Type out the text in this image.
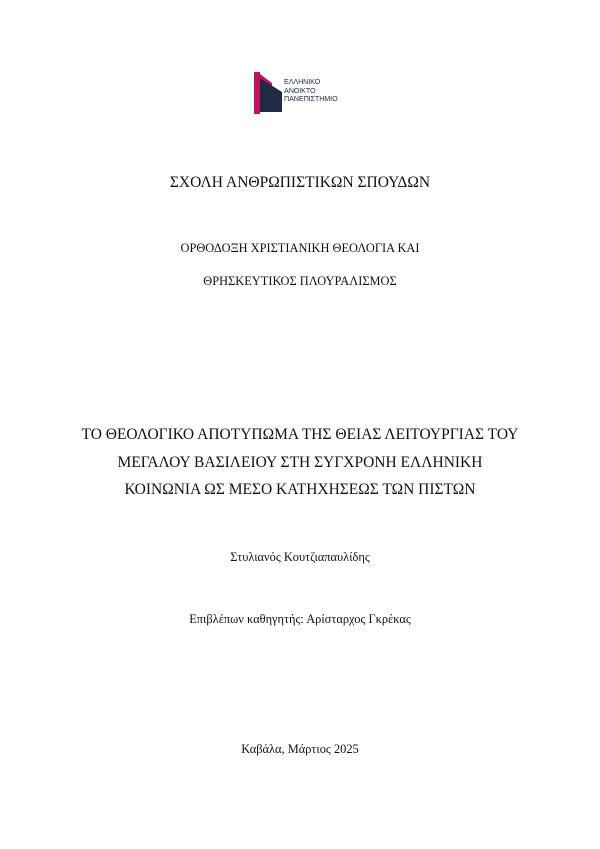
ΕΛΛΗΝΙΚΟ
ΑΝΟΙΚΤΟ
ΠΑΝΕΠΙΣΤΗΜΙΟ
ΣΧΟΛΗ ΑΝΘΡΩΠΙΣΤΙΚΩΝ ΣΠΟΥΔΩΝ
ΟΡΘΟΔΟΞΗ ΧΡΙΣΤΙΑΝΙΚΗ ΘΕΟΛΟΓΙΑ ΚΑΙ
ΘΡΗΣΚΕΥΤΙΚΟΣ ΠΛΟΥΡΑΛΙΣΜΟΣ
ΤΟ ΘΕΟΛΟΓΙΚΟ ΑΠΟΤΥΠΩΜΑ ΤΗΣ ΘΕΙΑΣ ΛΕΙΤΟΥΡΓΙΑΣ ΤΟΥ
ΜΕΓΑΛΟΥ ΒΑΣΙΛΕΙΟΥ ΣΤΗ ΣΥΓΧΡΟΝΗ ΕΛΛΗΝΙΚΗ
ΚΟΙΝΩΝΙΑ ΩΣ ΜΕΣΟ ΚΑΤΗΧΗΣΕΩΣ ΤΩΝ ΠΙΣΤΩΝ
Στυλιανός Κουτζιαπαυλίδης
Επιβλέπων καθηγητής: Αρίσταρχος Γκρέκας
Καβάλα, Μάρτιος 2025
